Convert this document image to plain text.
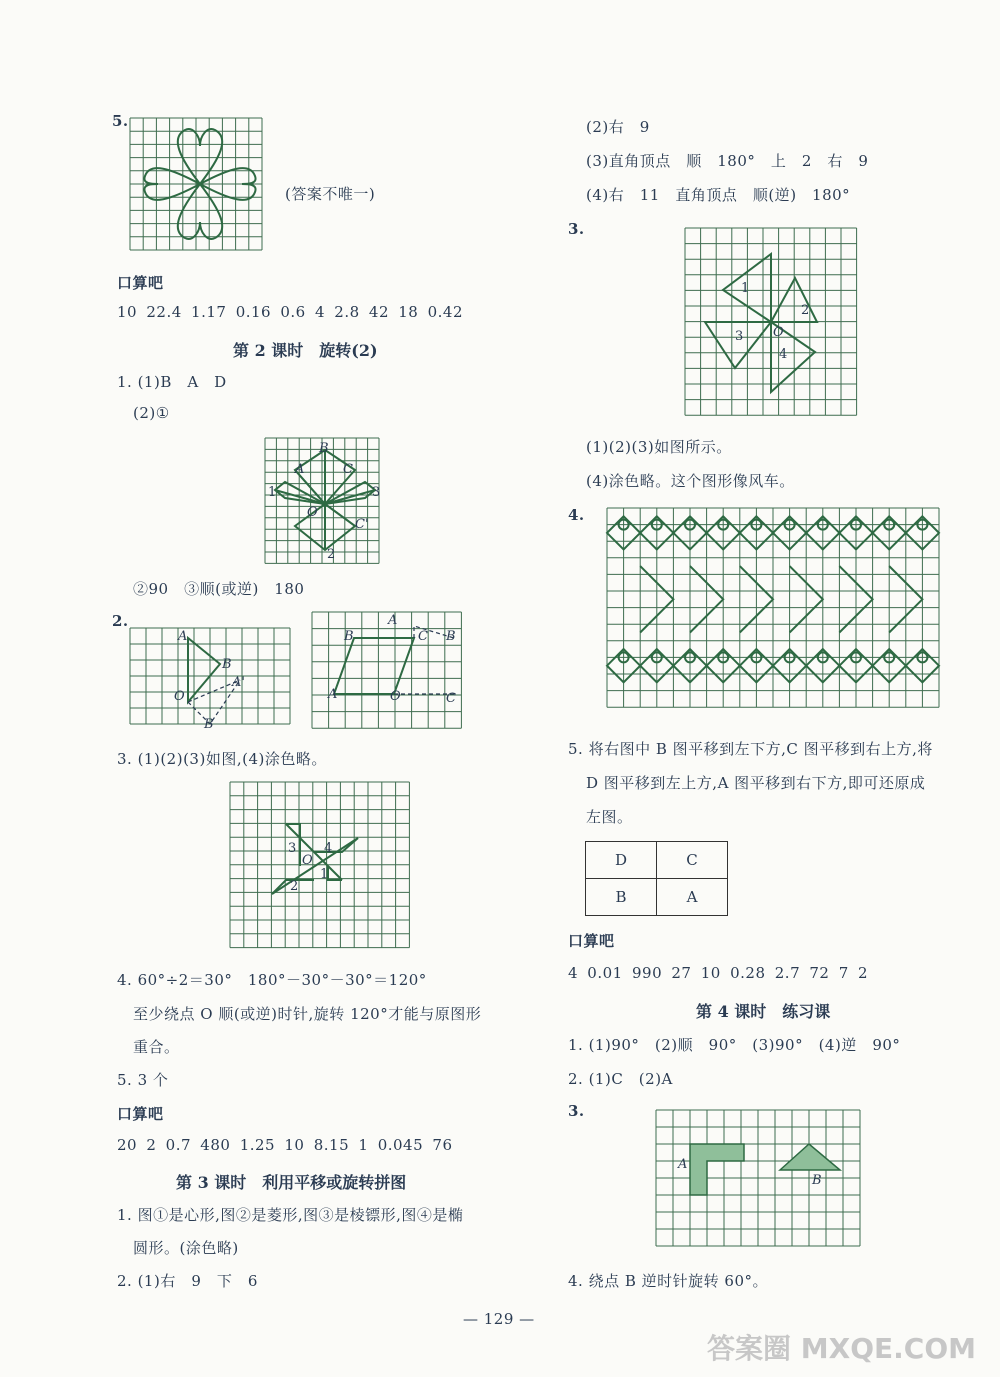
5.
(答案不唯一)
口算吧
10 22.4 1.17 0.16 0.6 4 2.8 42 18 0.42
第 2 课时　旋转(2)
1. (1)B　A　D
(2)①
B
A	C
1	3
O
C'
2
②90　③顺(或逆)　180
2.
A
B
O
A'
B
B
A
C B
A	O	C
3. (1)(2)(3)如图,(4)涂色略。
3 4
O
1
2
4. 60°÷2＝30°　180°－30°－30°＝120°
至少绕点 O 顺(或逆)时针,旋转 120°才能与原图形
重合。
5. 3 个
口算吧
20 2 0.7 480 1.25 10 8.15 1 0.045 76
第 3 课时　利用平移或旋转拼图
1. 图①是心形,图②是菱形,图③是棱镖形,图④是椭
圆形。(涂色略)
2. (1)右　9　下　6
(2)右　9
(3)直角顶点　顺　180°　上　2　右　9
(4)右　11　直角顶点　顺(逆)　180°
3.
1
2
3 O
4
(1)(2)(3)如图所示。
(4)涂色略。这个图形像风车。
4.
5. 将右图中 B 图平移到左下方,C 图平移到右上方,将
D 图平移到左上方,A 图平移到右下方,即可还原成
左图。
D	C
B	A
口算吧
4 0.01 990 27 10 0.28 2.7 72 7 2
第 4 课时　练习课
1. (1)90°　(2)顺　90°　(3)90°　(4)逆　90°
2. (1)C　(2)A
3.
A
B
4. 绕点 B 逆时针旋转 60°。
— 129 —
答案圈 MXQE.COM
